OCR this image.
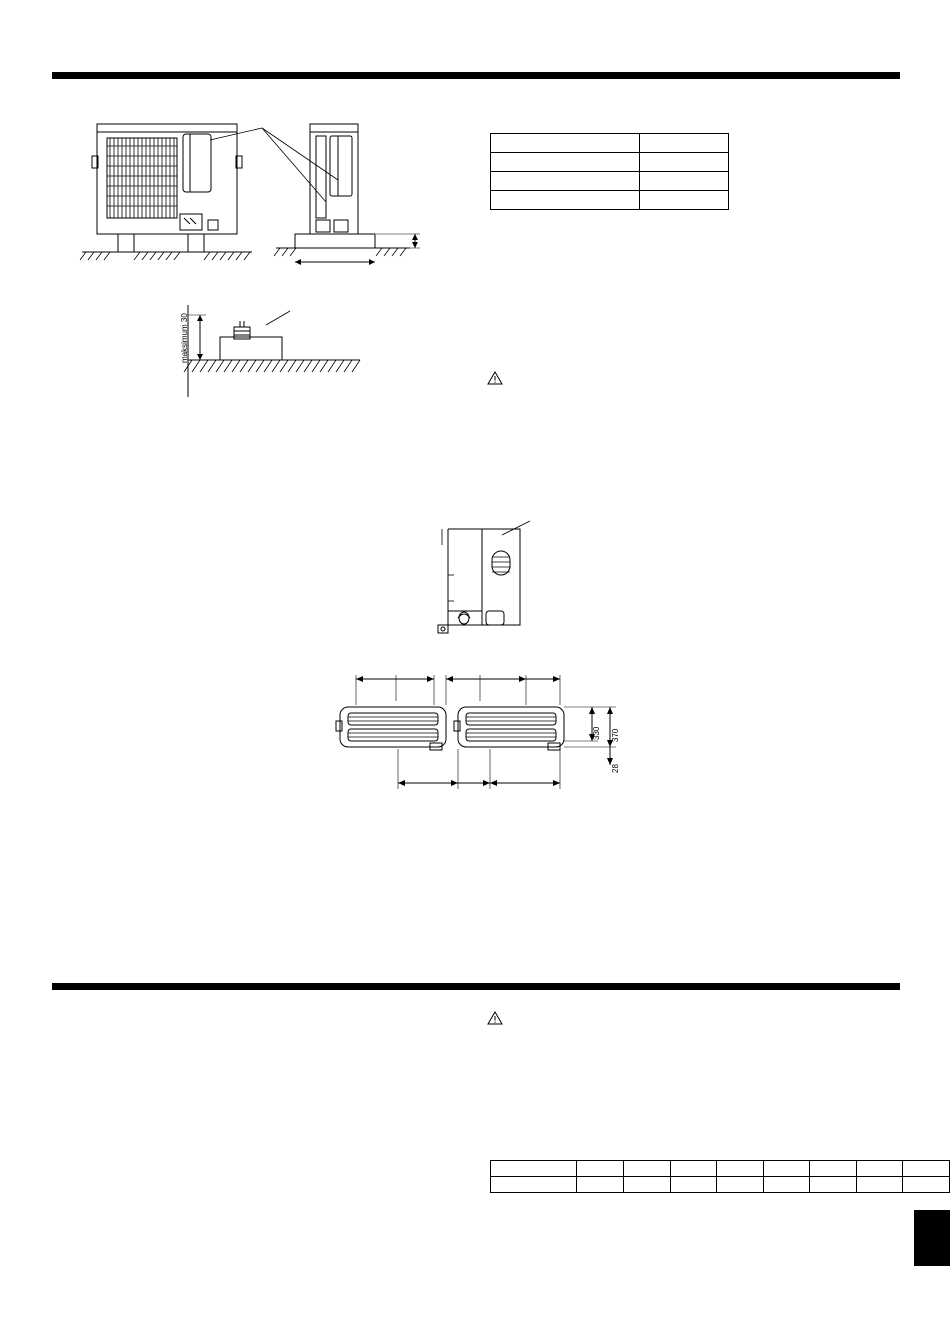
maksimum 30

330 370
28
